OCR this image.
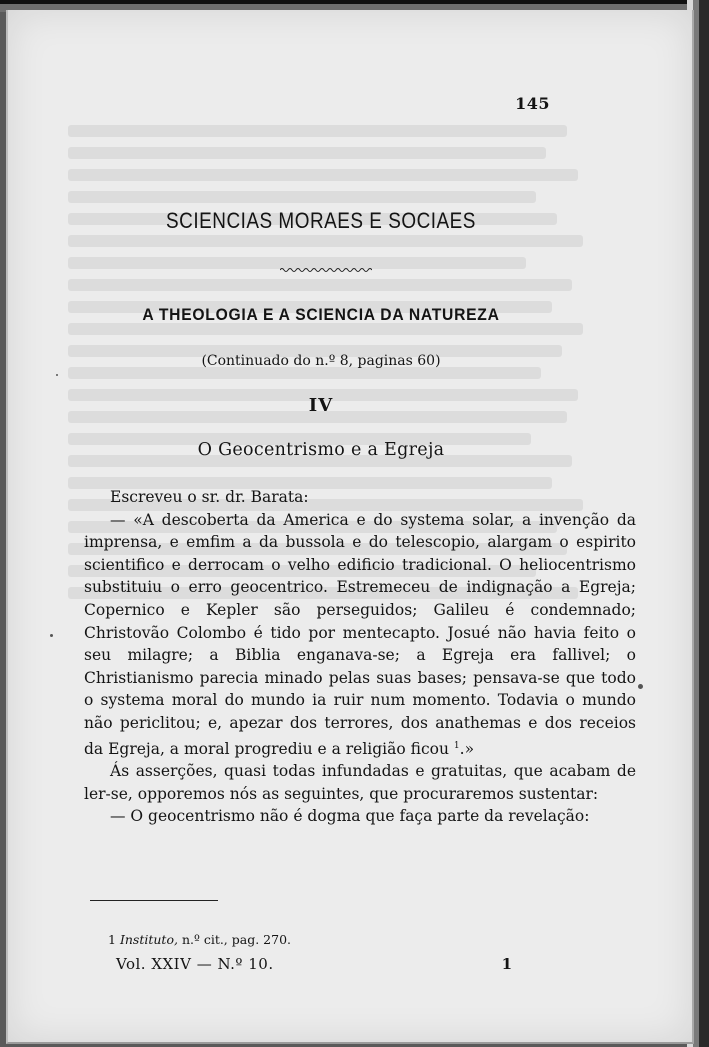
145
SCIENCIAS MORAES E SOCIAES
A THEOLOGIA E A SCIENCIA DA NATUREZA
(Continuado do n.º 8, paginas 60)
IV
O Geocentrismo e a Egreja

Escreveu o sr. dr. Barata:

— «A descoberta da America e do systema solar, a invenção da imprensa, e emfim a da bussola e do telescopio, alargam o espirito scientifico e derrocam o velho edificio tradicional. O heliocentrismo substituiu o erro geocentrico. Estremeceu de indignação a Egreja; Copernico e Kepler são perseguidos; Galileu é condemnado; Christovão Colombo é tido por mentecapto. Josué não havia feito o seu milagre; a Biblia enganava-se; a Egreja era fallivel; o Christianismo parecia minado pelas suas bases; pensava-se que todo o systema moral do mundo ia ruir num momento. Todavia o mundo não periclitou; e, apezar dos terrores, dos anathemas e dos receios da Egreja, a moral progrediu e a religião ficou $^1$.»

Ás asserções, quasi todas infundadas e gratuitas, que acabam de ler-se, opporemos nós as seguintes, que procuraremos sustentar:

— O geocentrismo não é dogma que faça parte da revelação:

1 Instituto, n.º cit., pag. 270.
Vol. XXIV — N.º 10.	1
